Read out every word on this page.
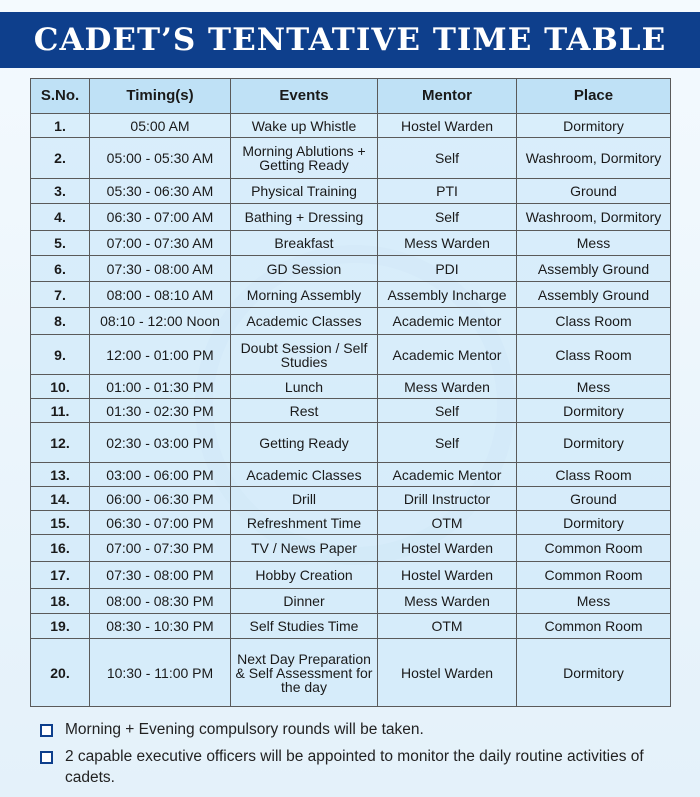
CADET’S TENTATIVE TIME TABLE
S.No.	Timing(s)	Events	Mentor	Place
1.	05:00 AM	Wake up Whistle	Hostel Warden	Dormitory
2.	05:00 - 05:30 AM	Morning Ablutions + Getting Ready	Self	Washroom, Dormitory
3.	05:30 - 06:30 AM	Physical Training	PTI	Ground
4.	06:30 - 07:00 AM	Bathing + Dressing	Self	Washroom, Dormitory
5.	07:00 - 07:30 AM	Breakfast	Mess Warden	Mess
6.	07:30 - 08:00 AM	GD Session	PDI	Assembly Ground
7.	08:00 - 08:10 AM	Morning Assembly	Assembly Incharge	Assembly Ground
8.	08:10 - 12:00 Noon	Academic Classes	Academic Mentor	Class Room
9.	12:00 - 01:00 PM	Doubt Session / Self Studies	Academic Mentor	Class Room
10.	01:00 - 01:30 PM	Lunch	Mess Warden	Mess
11.	01:30 - 02:30 PM	Rest	Self	Dormitory
12.	02:30 - 03:00 PM	Getting Ready	Self	Dormitory
13.	03:00 - 06:00 PM	Academic Classes	Academic Mentor	Class Room
14.	06:00 - 06:30 PM	Drill	Drill Instructor	Ground
15.	06:30 - 07:00 PM	Refreshment Time	OTM	Dormitory
16.	07:00 - 07:30 PM	TV / News Paper	Hostel Warden	Common Room
17.	07:30 - 08:00 PM	Hobby Creation	Hostel Warden	Common Room
18.	08:00 - 08:30 PM	Dinner	Mess Warden	Mess
19.	08:30 - 10:30 PM	Self Studies Time	OTM	Common Room
20.	10:30 - 11:00 PM	Next Day Preparation & Self Assessment for the day	Hostel Warden	Dormitory
Morning + Evening compulsory rounds will be taken.
2 capable executive officers will be appointed to monitor the daily routine activities of cadets.
